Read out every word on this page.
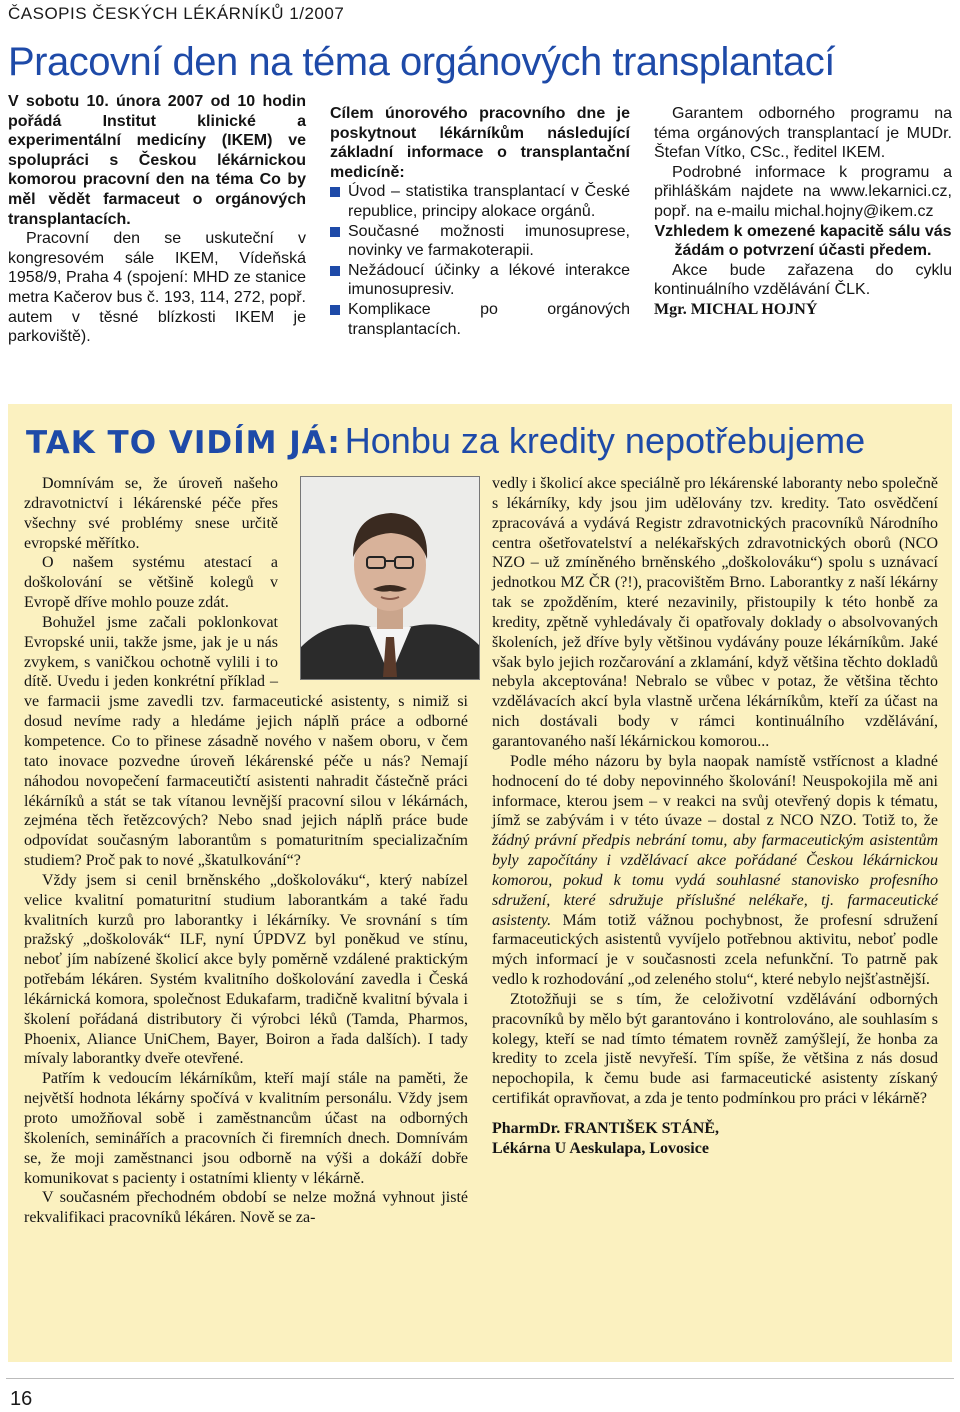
ČASOPIS ČESKÝCH LÉKÁRNÍKŮ 1/2007
Pracovní den na téma orgánových transplantací

V sobotu 10. února 2007 od 10 hodin pořádá Institut klinické a experimentální medicíny (IKEM) ve spolupráci s Českou lékárnickou komorou pracovní den na téma Co by měl vědět farmaceut o orgánových transplantacích.

Pracovní den se uskuteční v kongresovém sále IKEM, Vídeňská 1958/9, Praha 4 (spojení: MHD ze stanice metra Kačerov bus č. 193, 114, 272, popř. autem v těsné blízkosti IKEM je parkoviště).

Cílem únorového pracovního dne je poskytnout lékárníkům následující základní informace o transplantační medicíně:

Úvod – statistika transplantací v České republice, principy alokace orgánů.
Současné možnosti imunosuprese, novinky ve farmakoterapii.
Nežádoucí účinky a lékové interakce imunosupresiv.
Komplikace po orgánových transplantacích.

Garantem odborného programu na téma orgánových transplantací je MUDr. Štefan Vítko, CSc., ředitel IKEM.

Podrobné informace k programu a přihláškám najdete na www.lekarnici.cz, popř. na e-mailu michal.hojny@ikem.cz

Vzhledem k omezené kapacitě sálu vás žádám o potvrzení účasti předem.

Akce bude zařazena do cyklu kontinuálního vzdělávání ČLK.

Mgr. MICHAL HOJNÝ

TAK TO VIDÍM JÁ: Honbu za kredity nepotřebujeme

Domnívám se, že úroveň našeho zdravotnictví i lékárenské péče přes všechny své problémy snese určitě evropské měřítko.

O našem systému atestací a doškolování se většině kolegů v Evropě dříve mohlo pouze zdát.

Bohužel jsme začali poklonkovat Evropské unii, takže jsme, jak je u nás zvykem, s vaničkou ochotně vylili i to dítě. Uvedu i jeden konkrétní příklad – ve farmacii jsme zavedli tzv. farmaceutické asistenty, s nimiž si dosud nevíme rady a hledáme jejich náplň práce a odborné kompetence. Co to přinese zásadně nového v našem oboru, v čem tato inovace pozvedne úroveň lékárenské péče u nás? Nemají náhodou novopečení farmaceutičtí asistenti nahradit částečně práci lékárníků a stát se tak vítanou levnější pracovní silou v lékárnách, zejména těch řetězcových? Nebo snad jejich náplň práce bude odpovídat současným laborantům s pomaturitním specializačním studiem? Proč pak to nové „škatulkování“?

Vždy jsem si cenil brněnského „doškolováku“, který nabízel velice kvalitní pomaturitní studium laborantkám a také řadu kvalitních kurzů pro laborantky i lékárníky. Ve srovnání s tím pražský „doškolovák“ ILF, nyní ÚPDVZ byl poněkud ve stínu, neboť jím nabízené školicí akce byly poměrně vzdálené praktickým potřebám lékáren. Systém kvalitního doškolování zavedla i Česká lékárnická komora, společnost Edukafarm, tradičně kvalitní bývala i školení pořádaná distributory či výrobci léků (Tamda, Pharmos, Phoenix, Aliance UniChem, Bayer, Boiron a řada dalších). I tady mívaly laborantky dveře otevřené.

Patřím k vedoucím lékárníkům, kteří mají stále na paměti, že největší hodnota lékárny spočívá v kvalitním personálu. Vždy jsem proto umožňoval sobě i zaměstnancům účast na odborných školeních, seminářích a pracovních či firemních dnech. Domnívám se, že moji zaměstnanci jsou odborně na výši a dokáží dobře komunikovat s pacienty i ostatními klienty v lékárně.

V současném přechodném období se nelze možná vyhnout jisté rekvalifikaci pracovníků lékáren. Nově se za-

vedly i školicí akce speciálně pro lékárenské laboranty nebo společně s lékárníky, kdy jsou jim udělovány tzv. kredity. Tato osvědčení zpracovává a vydává Registr zdravotnických pracovníků Národního centra ošetřovatelství a nelékařských zdravotnických oborů (NCO NZO – už zmíněného brněnského „doškolováku“) spolu s uznávací jednotkou MZ ČR (?!), pracovištěm Brno. Laborantky z naší lékárny tak se zpožděním, které nezavinily, přistoupily k této honbě za kredity, zpětně vyhledávaly či opatřovaly doklady o absolvovaných školeních, jež dříve byly většinou vydávány pouze lékárníkům. Jaké však bylo jejich rozčarování a zklamání, když většina těchto dokladů nebyla akceptována! Nebralo se vůbec v potaz, že většina těchto vzdělávacích akcí byla vlastně určena lékárníkům, kteří za účast na nich dostávali body v rámci kontinuálního vzdělávání, garantovaného naší lékárnickou komorou...

Podle mého názoru by byla naopak namístě vstřícnost a kladné hodnocení do té doby nepovinného školování! Neuspokojila mě ani informace, kterou jsem – v reakci na svůj otevřený dopis k tématu, jímž se zabývám i v této úvaze – dostal z NCO NZO. Totiž to, že žádný právní předpis nebrání tomu, aby farmaceutickým asistentům byly započítány i vzdělávací akce pořádané Českou lékárnickou komorou, pokud k tomu vydá souhlasné stanovisko profesního sdružení, které sdružuje příslušné nelékaře, tj. farmaceutické asistenty. Mám totiž vážnou pochybnost, že profesní sdružení farmaceutických asistentů vyvíjelo potřebnou aktivitu, neboť podle mých informací je v současnosti zcela nefunkční. To patrně pak vedlo k rozhodování „od zeleného stolu“, které nebylo nejšťastnější.

Ztotožňuji se s tím, že celoživotní vzdělávání odborných pracovníků by mělo být garantováno i kontrolováno, ale souhlasím s kolegy, kteří se nad tímto tématem rovněž zamýšlejí, že honba za kredity to zcela jistě nevyřeší. Tím spíše, že většina z nás dosud nepochopila, k čemu bude asi farmaceutické asistenty získaný certifikát opravňovat, a zda je tento podmínkou pro práci v lékárně?

PharmDr. FRANTIŠEK STÁNĚ,

Lékárna U Aeskulapa, Lovosice

16
